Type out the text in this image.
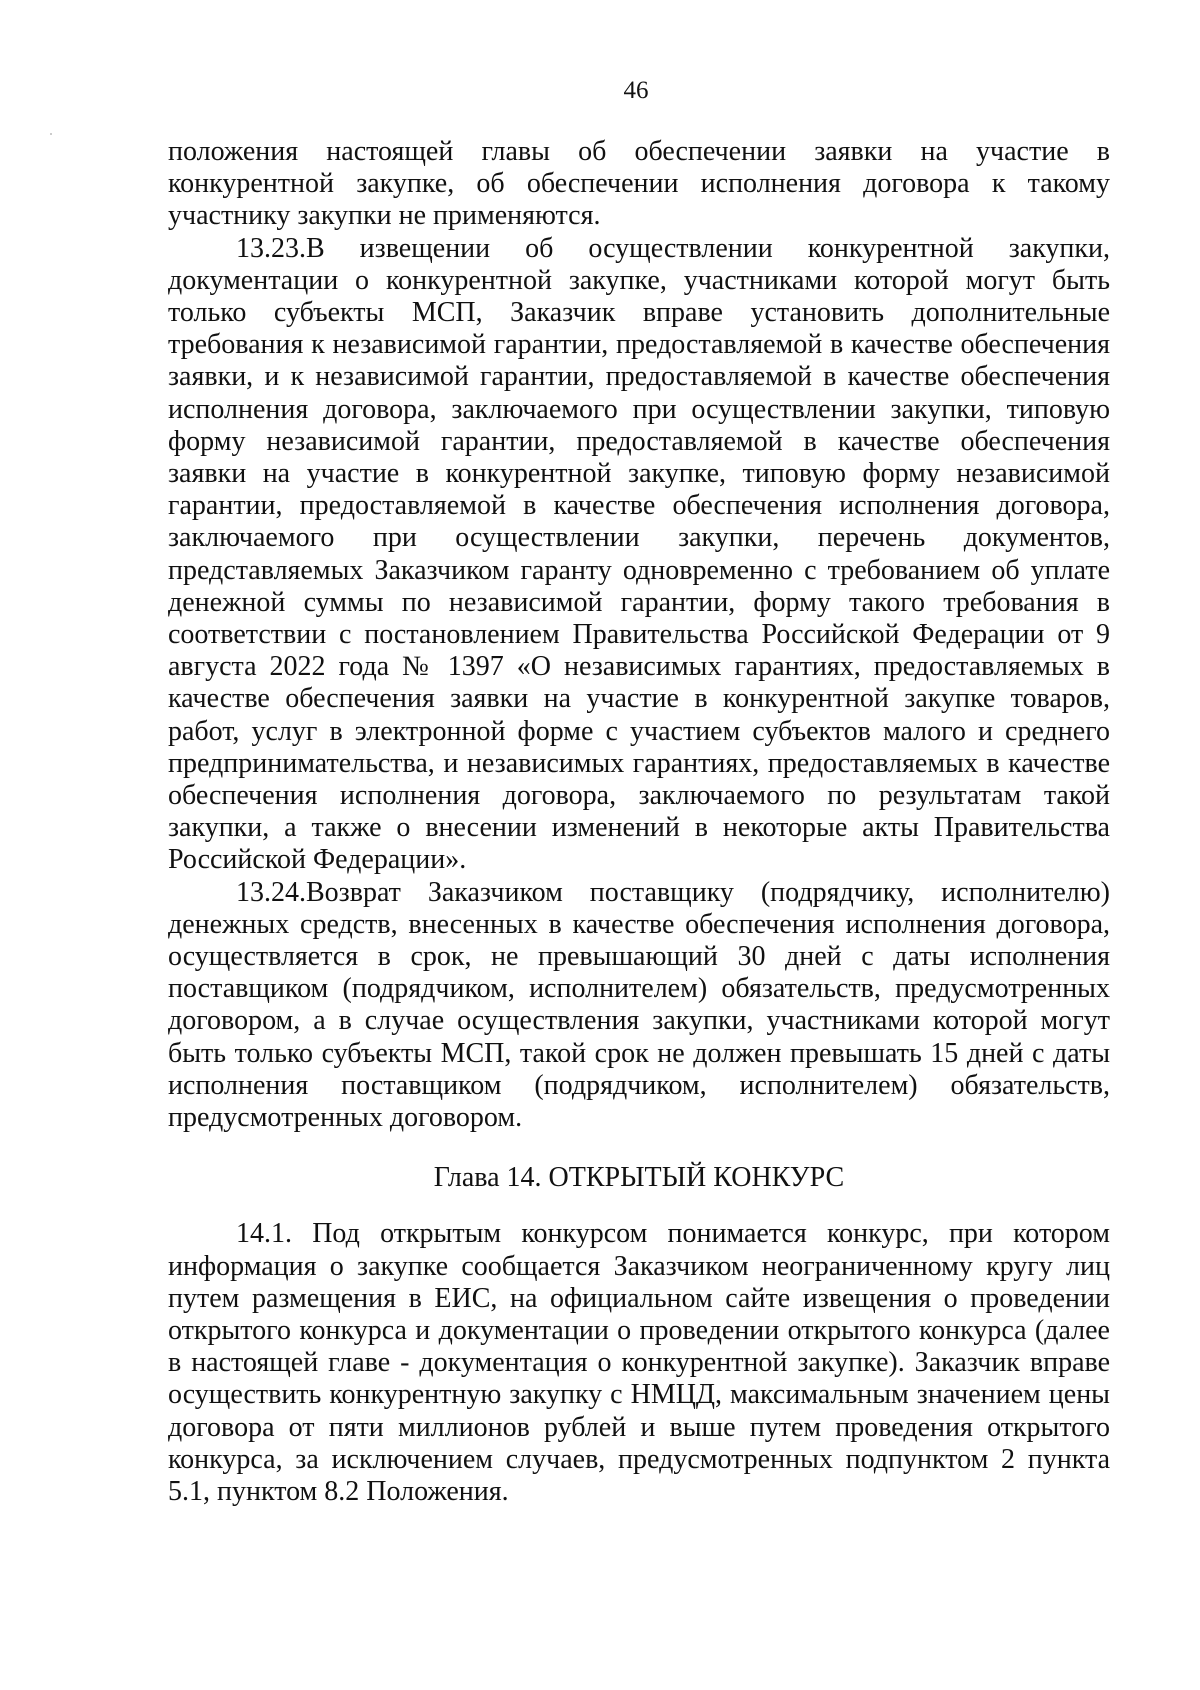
46

положения настоящей главы об обеспечении заявки на участие в конкурентной закупке, об обеспечении исполнения договора к такому участнику закупки не применяются.

13.23.В извещении об осуществлении конкурентной закупки, документации о конкурентной закупке, участниками которой могут быть только субъекты МСП, Заказчик вправе установить дополнительные требования к независимой гарантии, предоставляемой в качестве обеспечения заявки, и к независимой гарантии, предоставляемой в качестве обеспечения исполнения договора, заключаемого при осуществлении закупки, типовую форму независимой гарантии, предоставляемой в качестве обеспечения заявки на участие в конкурентной закупке, типовую форму независимой гарантии, предоставляемой в качестве обеспечения исполнения договора, заключаемого при осуществлении закупки, перечень документов, представляемых Заказчиком гаранту одновременно с требованием об уплате денежной суммы по независимой гарантии, форму такого требования в соответствии с постановлением Правительства Российской Федерации от 9 августа 2022 года № 1397 «О независимых гарантиях, предоставляемых в качестве обеспечения заявки на участие в конкурентной закупке товаров, работ, услуг в электронной форме с участием субъектов малого и среднего предпринимательства, и независимых гарантиях, предоставляемых в качестве обеспечения исполнения договора, заключаемого по результатам такой закупки, а также о внесении изменений в некоторые акты Правительства Российской Федерации».

13.24.Возврат Заказчиком поставщику (подрядчику, исполнителю) денежных средств, внесенных в качестве обеспечения исполнения договора, осуществляется в срок, не превышающий 30 дней с даты исполнения поставщиком (подрядчиком, исполнителем) обязательств, предусмотренных договором, а в случае осуществления закупки, участниками которой могут быть только субъекты МСП, такой срок не должен превышать 15 дней с даты исполнения поставщиком (подрядчиком, исполнителем) обязательств, предусмотренных договором.

Глава 14. ОТКРЫТЫЙ КОНКУРС

14.1. Под открытым конкурсом понимается конкурс, при котором информация о закупке сообщается Заказчиком неограниченному кругу лиц путем размещения в ЕИС, на официальном сайте извещения о проведении открытого конкурса и документации о проведении открытого конкурса (далее в настоящей главе - документация о конкурентной закупке). Заказчик вправе осуществить конкурентную закупку с НМЦД, максимальным значением цены договора от пяти миллионов рублей и выше путем проведения открытого конкурса, за исключением случаев, предусмотренных подпунктом 2 пункта 5.1, пунктом 8.2 Положения.
